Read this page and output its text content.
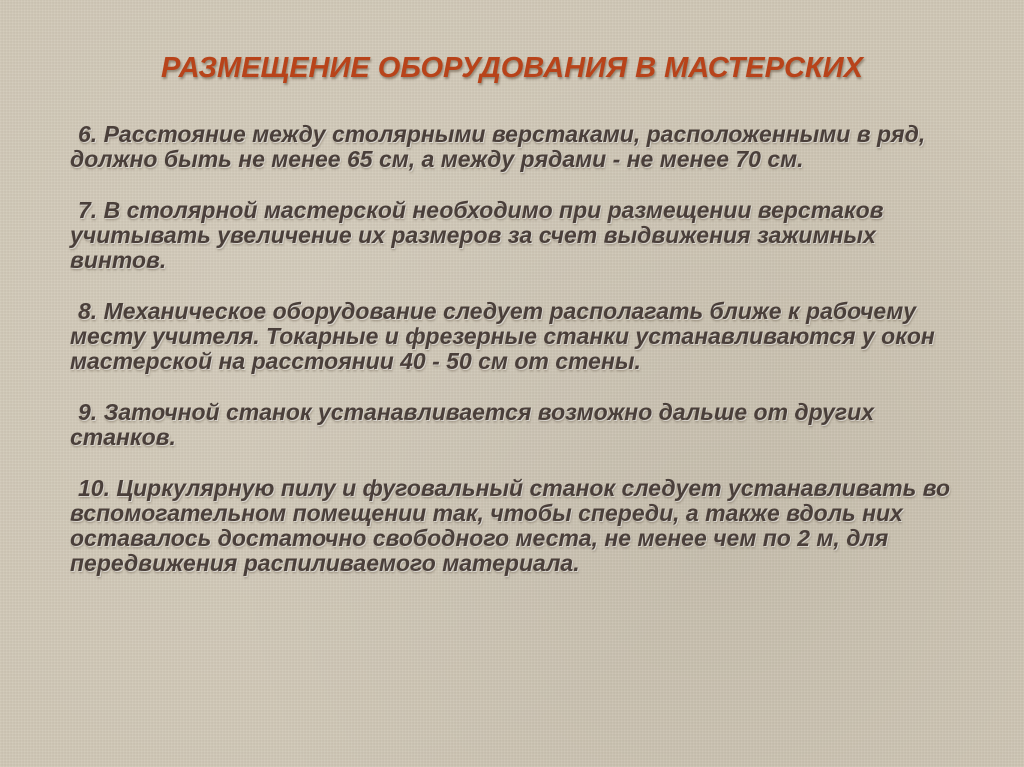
РАЗМЕЩЕНИЕ ОБОРУДОВАНИЯ В МАСТЕРСКИХ
6. Расстояние между столярными верстаками, расположенными в ряд, должно быть не менее 65 см, а между рядами - не менее 70 см.
7. В столярной мастерской необходимо при размещении верстаков учитывать увеличение их размеров за счет выдвижения зажимных винтов.
8. Механическое оборудование следует располагать ближе к рабочему месту учителя. Токарные и фрезерные станки устанавливаются у окон мастерской на расстоянии 40 - 50 см от стены.
9. Заточной станок устанавливается возможно дальше от других станков.
10. Циркулярную пилу и фуговальный станок следует устанавливать во вспомогательном помещении так, чтобы спереди, а также вдоль них оставалось достаточно свободного места, не менее чем по 2 м, для передвижения распиливаемого материала.
